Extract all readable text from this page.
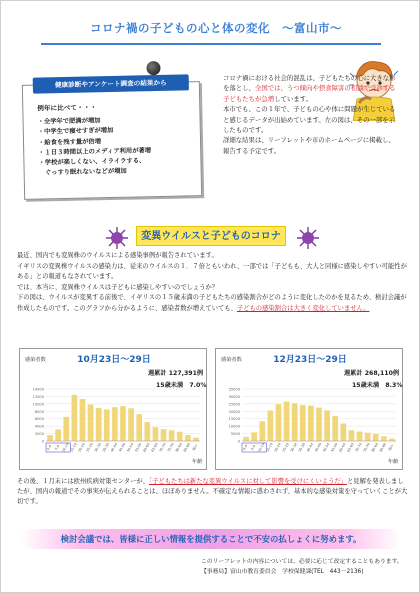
コロナ禍の子どもの心と体の変化　～富山市～
健康診断やアンケート調査の結果から
例年に比べて・・・
・全学年で肥満が増加
・中学生で痩せすぎが増加
・給食を残す量が倍増
・１日３時間以上のメディア利用が著増
・学校が楽しくない、イライラする、
　ぐっすり眠れないなどが増加

コロナ禍における社会的混乱は、子どもたちの心に大きな影を落とし、全国では、うつ傾向や摂食障害の相談で受診する子どもたちが急増しています。

本市でも、この１年で、子どもの心や体に問題が生じていると感じるデータが出始めています。左の図は、その一部を示したものです。

詳細な結果は、リーフレットや市のホームページに掲載し、報告する予定です。

変異ウイルスと子どものコロナ

最近、国内でも変異株のウイルスによる感染事例が報告されています。

イギリスの変異株ウイルスの感染力は、従来のウイルスの１．７倍ともいわれ、一部では「子どもも、大人と同様に感染しやすい可能性がある」との報道もなされています。

では、本当に、変異株ウイルスは子どもに感染しやすいのでしょうか？

下の図は、ウイルスが変異する前後で、イギリスの１５歳未満の子どもたちの感染割合がどのように変化したのかを見るため、検討会議が作成したものです。このグラフから分かるように、感染者数が増えていても、子どもの感染割合は大きく変化していません。

感染者数	10月23日～29日
週累計 127,391例
15歳未満　7.0%
0
2000
4000
6000
8000
10000
12000
14000
0-4 5-9 10-14 15-19 20-24 25-29 30-34 35-39 40-44 45-49 50-54 55-59 60-64 65-69 70-74 75-79 80-84 85-89 90+
年齢
感染者数	12月23日～29日
週累計 268,110例
15歳未満　8.3%
0
5000
10000
15000
20000
25000
30000
35000
0-4 5-9 10-14 15-19 20-24 25-29 30-34 35-39 40-44 45-49 50-54 55-59 60-64 65-69 70-74 75-79 80-84 85-89 90+
年齢
その後、１月末には欧州疾病対策センターが、「子どもたちは新たな変異ウイルスに対して影響を受けにくいようだ」と見解を発表しましたが、国内の報道でその事実が伝えられることは、ほぼありません。不確定な情報に惑わされず、基本的な感染対策を守っていくことが大切です。
検討会議では、皆様に正しい情報を提供することで不安の払しょくに努めます。
このリーフレットの内容については、必要に応じて改定することもあります。
【事務局】富山市教育委員会　学校保健課(TEL　443－2136)
